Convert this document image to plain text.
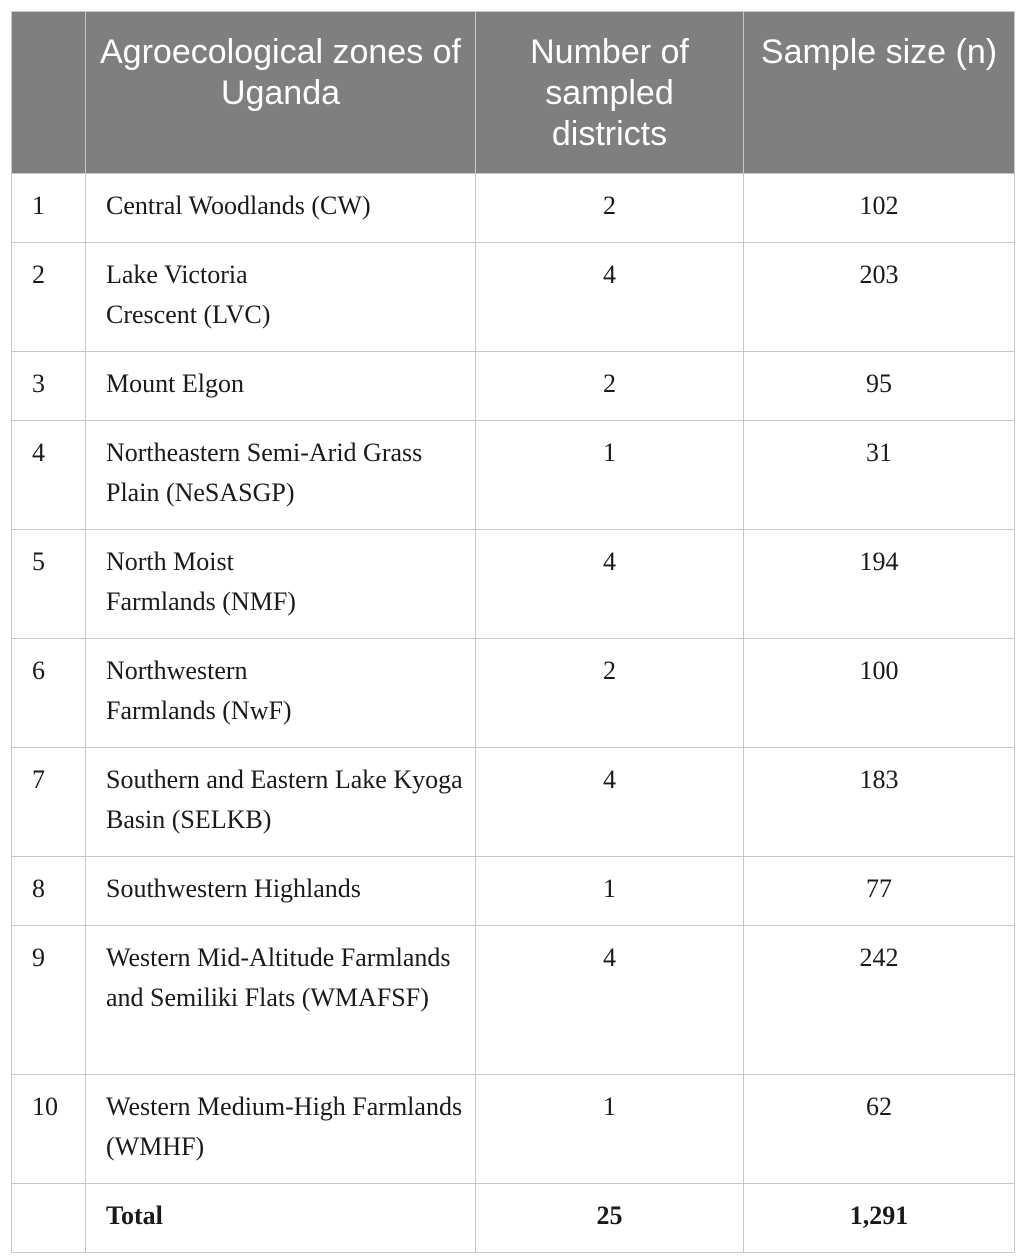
	Agroecological zones of Uganda	Number of sampled districts	Sample size (n)
1	Central Woodlands (CW)	2	102
2	Lake Victoria Crescent (LVC)	4	203
3	Mount Elgon	2	95
4	Northeastern Semi-Arid Grass Plain (NeSASGP)	1	31
5	North Moist Farmlands (NMF)	4	194
6	Northwestern Farmlands (NwF)	2	100
7	Southern and Eastern Lake Kyoga Basin (SELKB)	4	183
8	Southwestern Highlands	1	77
9	Western Mid-Altitude Farmlands and Semiliki Flats (WMAFSF)	4	242
10	Western Medium-High Farmlands (WMHF)	1	62
	Total	25	1,291
